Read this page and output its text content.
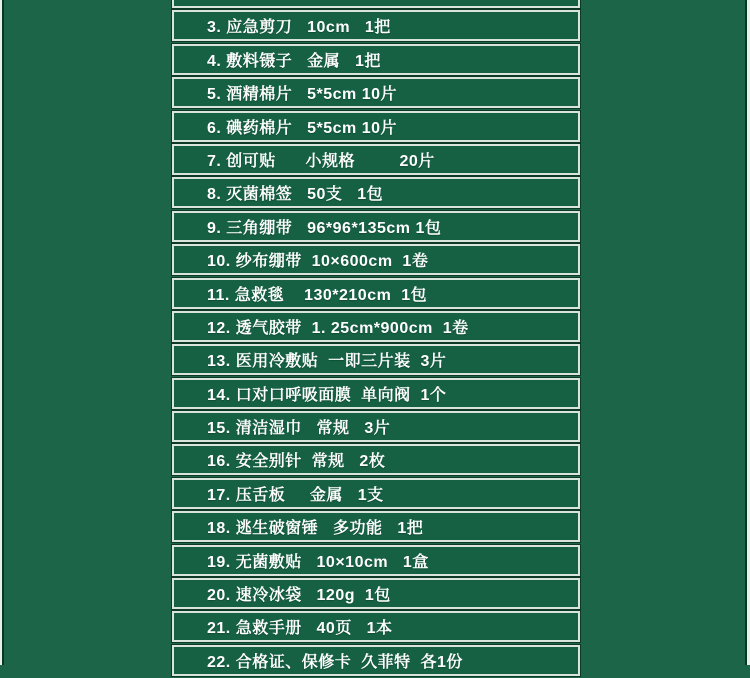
3. 应急剪刀   10cm   1把
4. 敷料镊子   金属   1把
5. 酒精棉片   5*5cm 10片
6. 碘药棉片   5*5cm 10片
7. 创可贴      小规格         20片
8. 灭菌棉签   50支   1包
9. 三角绷带   96*96*135cm 1包
10. 纱布绷带  10×600cm  1卷
11. 急救毯    130*210cm  1包
12. 透气胶带  1. 25cm*900cm  1卷
13. 医用冷敷贴  一即三片装  3片
14. 口对口呼吸面膜  单向阀  1个
15. 清洁湿巾   常规   3片
16. 安全别针  常规   2枚
17. 压舌板     金属   1支
18. 逃生破窗锤   多功能   1把
19. 无菌敷贴   10×10cm   1盒
20. 速冷冰袋   120g  1包
21. 急救手册   40页   1本
22. 合格证、保修卡  久菲特  各1份
